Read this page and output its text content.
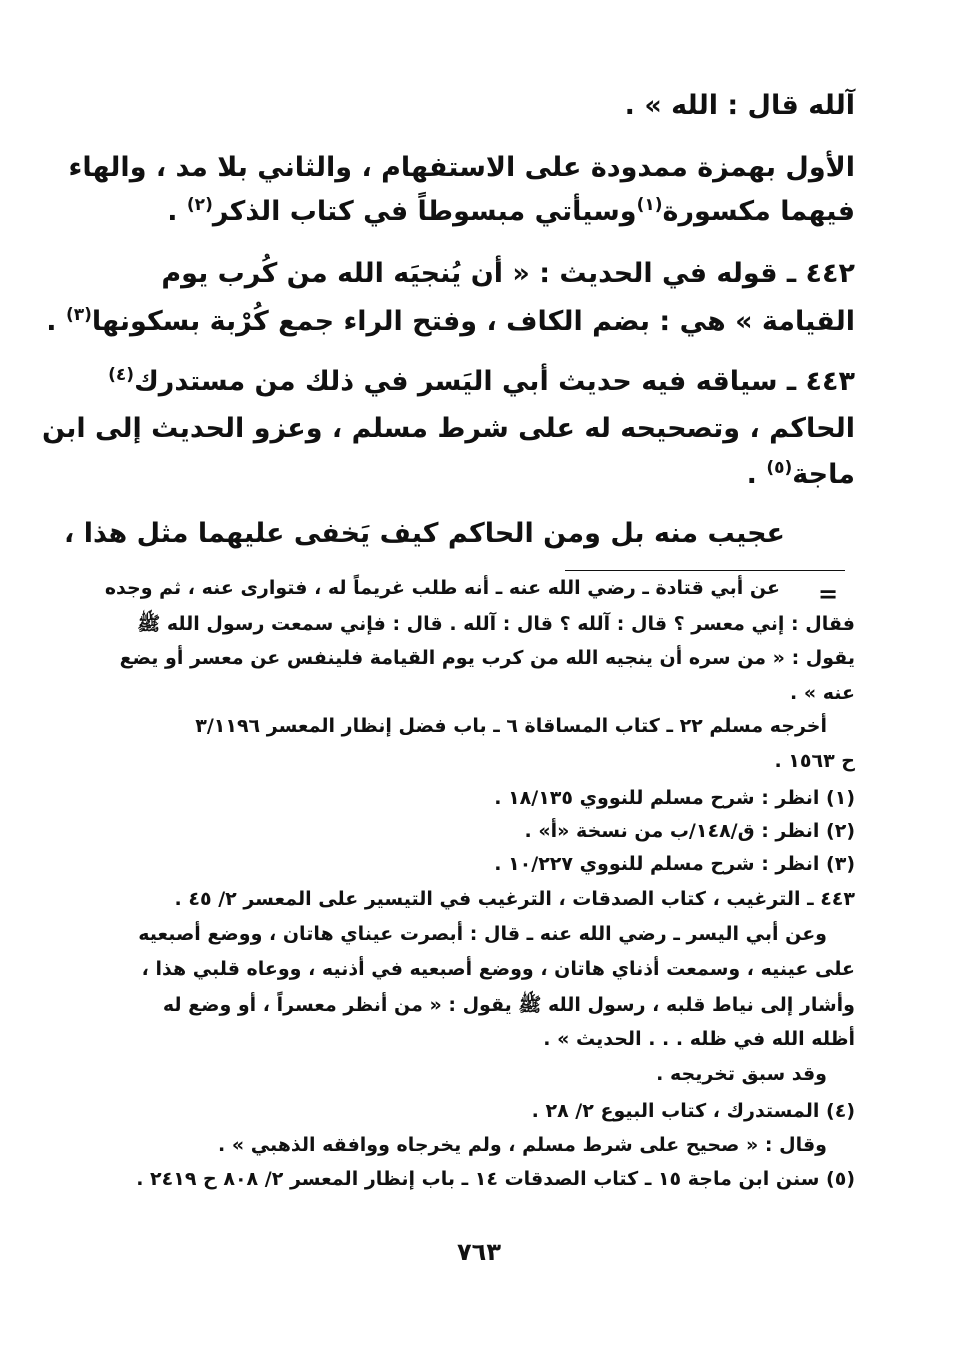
آلله قال : الله » .
الأول بهمزة ممدودة على الاستفهام ، والثاني بلا مد ، والهاء
فيهما مكسورة$^{(١)}$وسيأتي مبسوطاً في كتاب الذكر$^{(٢)}$ .
٤٤٢ ـ قوله في الحديث : « أن يُنجيَه الله من كُرب يوم
القيامة » هي : بضم الكاف ، وفتح الراء جمع كُرْبة بسكونها$^{(٣)}$ .
٤٤٣ ـ سياقه فيه حديث أبي اليَسر في ذلك من مستدرك$^{(٤)}$
الحاكم ، وتصحيحه له على شرط مسلم ، وعزو الحديث إلى ابن
ماجة$^{(٥)}$ .
عجيب منه بل ومن الحاكم كيف يَخفى عليهما مثل هذا ،
=
عن أبي قتادة ـ رضي الله عنه ـ أنه طلب غريماً له ، فتوارى عنه ، ثم وجده
فقال : إني معسر ؟ قال : آلله ؟ قال : آلله . قال : فإني سمعت رسول الله ﷺ
يقول : « من سره أن ينجيه الله من كرب يوم القيامة فلينفس عن معسر أو يضع
عنه » .
أخرجه مسلم ٢٢ ـ كتاب المساقاة ٦ ـ باب فضل إنظار المعسر ٣/١١٩٦
ح ١٥٦٣ .
(١) انظر : شرح مسلم للنووي ١٨/١٣٥ .
(٢) انظر : ق/١٤٨/ب من نسخة «أ» .
(٣) انظر : شرح مسلم للنووي ١٠/٢٢٧ .
٤٤٣ ـ الترغيب ، كتاب الصدقات ، الترغيب في التيسير على المعسر ٢/ ٤٥ .
وعن أبي اليسر ـ رضي الله عنه ـ قال : أبصرت عيناي هاتان ، ووضع أصبعيه
على عينيه ، وسمعت أذناي هاتان ، ووضع أصبعيه في أذنيه ، ووعاه قلبي هذا ،
وأشار إلى نياط قلبه ، رسول الله ﷺ يقول : « من أنظر معسراً ، أو وضع له
أظله الله في ظله . . . الحديث » .
وقد سبق تخريجه .
(٤) المستدرك ، كتاب البيوع ٢/ ٢٨ .
وقال : « صحيح على شرط مسلم ، ولم يخرجاه ووافقه الذهبي » .
(٥) سنن ابن ماجة ١٥ ـ كتاب الصدقات ١٤ ـ باب إنظار المعسر ٢/ ٨٠٨ ح ٢٤١٩ .
٧٦٣
